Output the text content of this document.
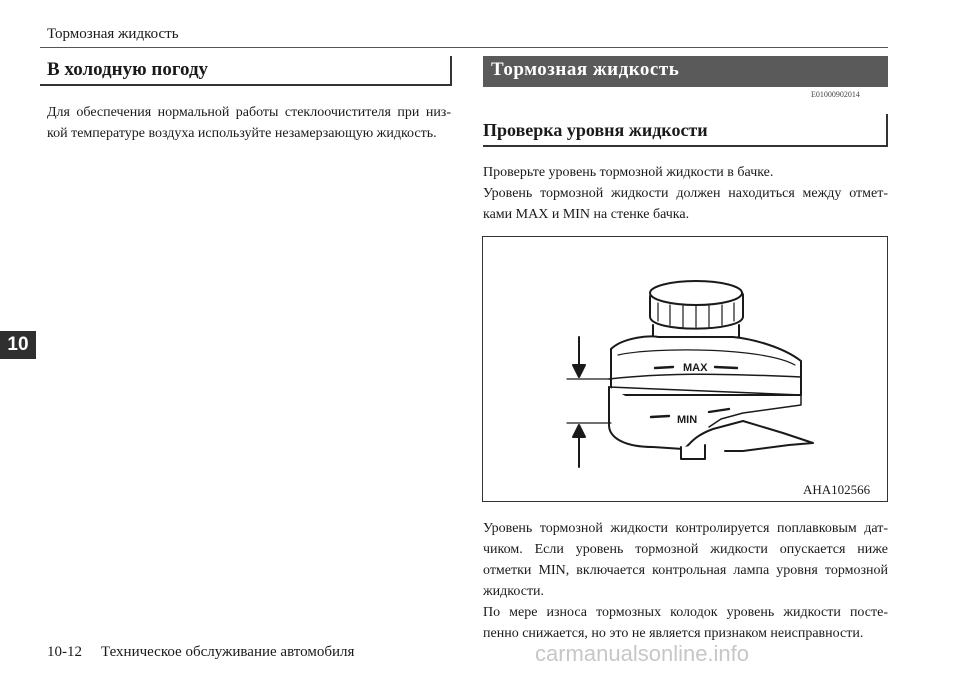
Тормозная жидкость
10
В холодную погоду
Для обеспечения нормальной работы стеклоочистителя при низ-
кой температуре воздуха используйте незамерзающую жидкость.
Тормозная жидкость
E01000902014
Проверка уровня жидкости
Проверьте уровень тормозной жидкости в бачке.
Уровень тормозной жидкости должен находиться между отмет-
ками MAX и MIN на стенке бачка.
MAX
MIN
AHA102566
Уровень тормозной жидкости контролируется поплавковым дат-
чиком. Если уровень тормозной жидкости опускается ниже
отметки MIN, включается контрольная лампа уровня тормозной
жидкости.
По мере износа тормозных колодок уровень жидкости посте-
пенно снижается, но это не является признаком неисправности.
10-12 Техническое обслуживание автомобиля	carmanualsonline.info
